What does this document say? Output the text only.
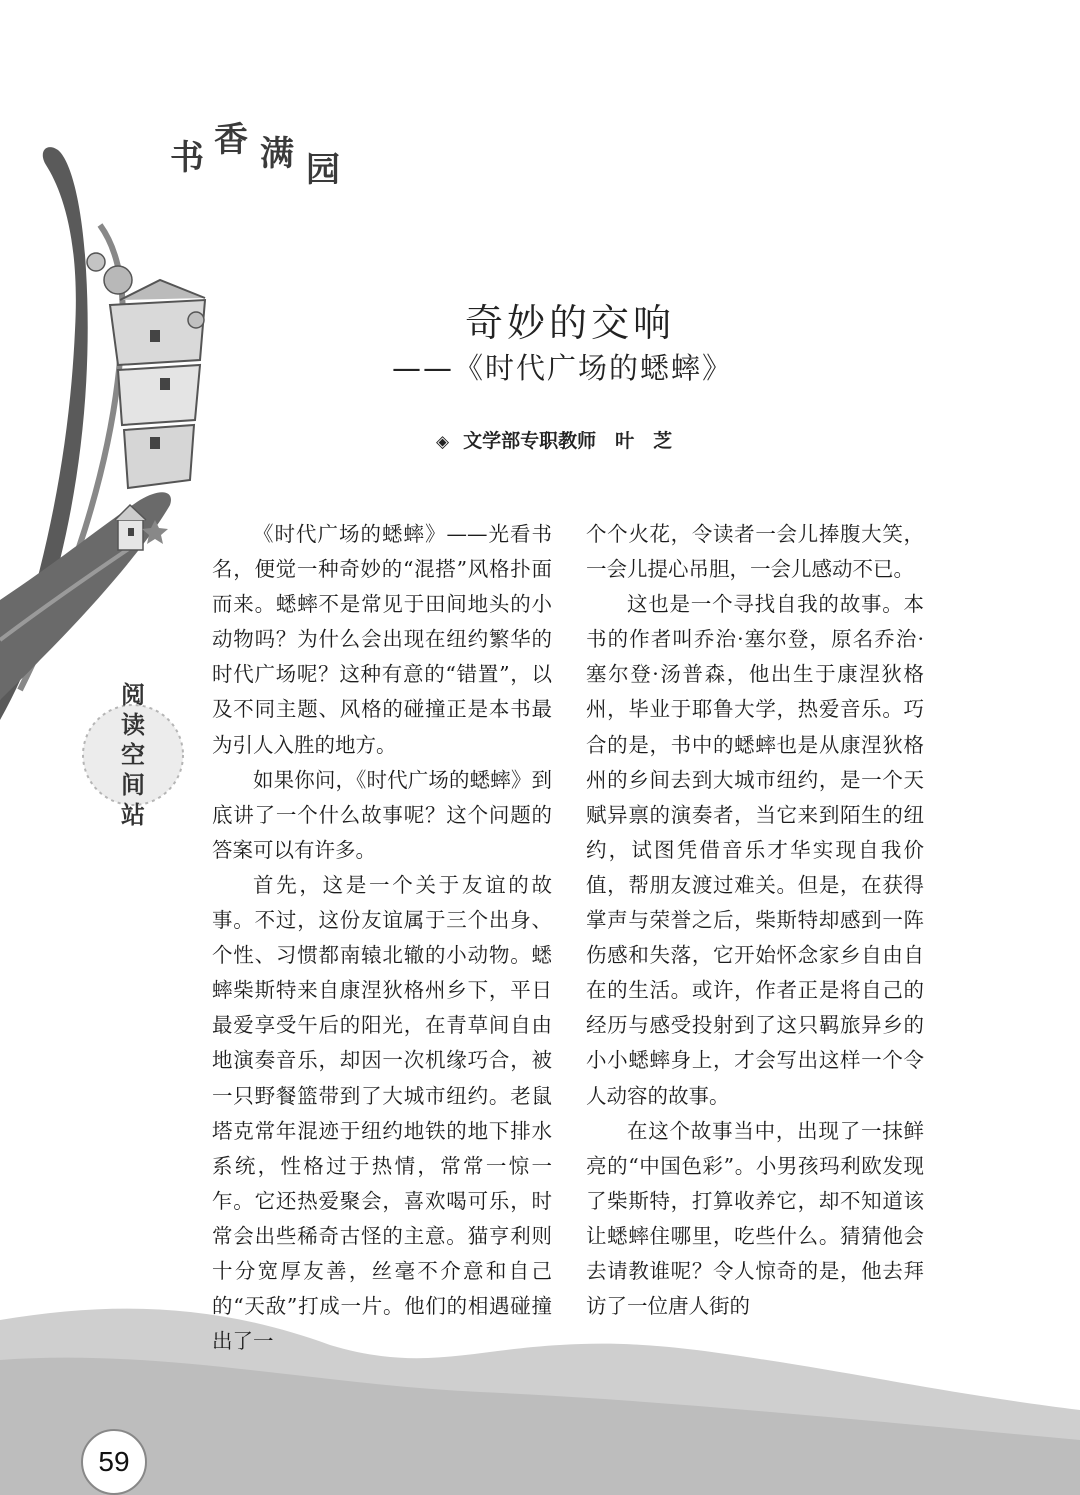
书 香 满 园
奇妙的交响
——《时代广场的蟋蟀》
◈ 文学部专职教师　叶　芝
阅
读
空
间
站

《时代广场的蟋蟀》——光看书名，便觉一种奇妙的“混搭”风格扑面而来。蟋蟀不是常见于田间地头的小动物吗？为什么会出现在纽约繁华的时代广场呢？这种有意的“错置”，以及不同主题、风格的碰撞正是本书最为引人入胜的地方。

如果你问，《时代广场的蟋蟀》到底讲了一个什么故事呢？这个问题的答案可以有许多。

首先，这是一个关于友谊的故事。不过，这份友谊属于三个出身、个性、习惯都南辕北辙的小动物。蟋蟀柴斯特来自康涅狄格州乡下，平日最爱享受午后的阳光，在青草间自由地演奏音乐，却因一次机缘巧合，被一只野餐篮带到了大城市纽约。老鼠塔克常年混迹于纽约地铁的地下排水系统，性格过于热情，常常一惊一乍。它还热爱聚会，喜欢喝可乐，时常会出些稀奇古怪的主意。猫亨利则十分宽厚友善，丝毫不介意和自己的“天敌”打成一片。他们的相遇碰撞出了一

个个火花，令读者一会儿捧腹大笑，一会儿提心吊胆，一会儿感动不已。

这也是一个寻找自我的故事。本书的作者叫乔治·塞尔登，原名乔治·塞尔登·汤普森，他出生于康涅狄格州，毕业于耶鲁大学，热爱音乐。巧合的是，书中的蟋蟀也是从康涅狄格州的乡间去到大城市纽约，是一个天赋异禀的演奏者，当它来到陌生的纽约，试图凭借音乐才华实现自我价值，帮朋友渡过难关。但是，在获得掌声与荣誉之后，柴斯特却感到一阵伤感和失落，它开始怀念家乡自由自在的生活。或许，作者正是将自己的经历与感受投射到了这只羁旅异乡的小小蟋蟀身上，才会写出这样一个令人动容的故事。

在这个故事当中，出现了一抹鲜亮的“中国色彩”。小男孩玛利欧发现了柴斯特，打算收养它，却不知道该让蟋蟀住哪里，吃些什么。猜猜他会去请教谁呢？令人惊奇的是，他去拜访了一位唐人街的

59
